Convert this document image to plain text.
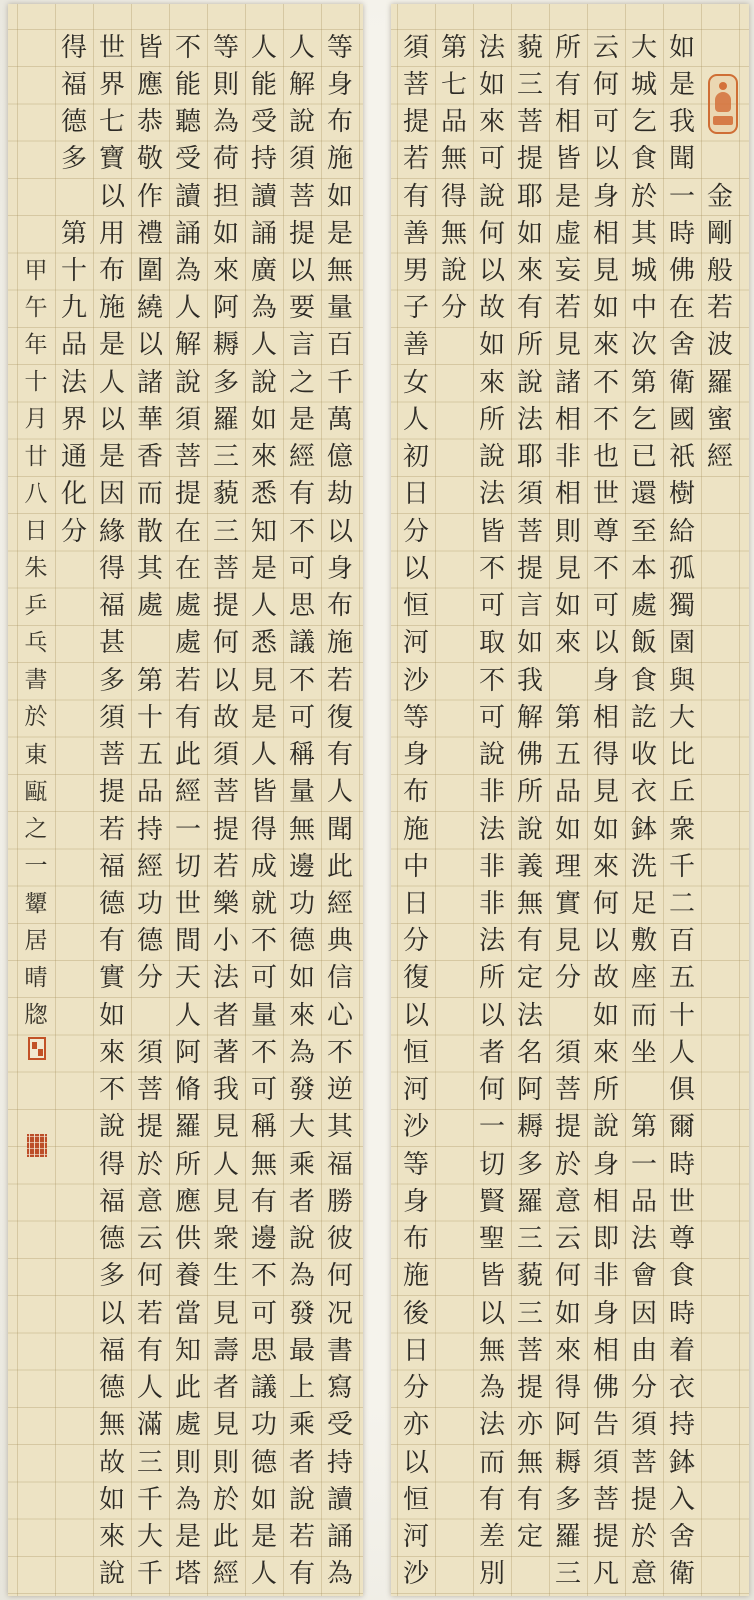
金
剛
般
若
波
羅
蜜
經
如
是
我
聞
一
時
佛
在
舍
衛
國
祇
樹
給
孤
獨
園
與
大
比
丘
衆
千
二
百
五
十
人
俱
爾
時
世
尊
食
時
着
衣
持
鉢
入
舍
衛
大
城
乞
食
於
其
城
中
次
第
乞
已
還
至
本
處
飯
食
訖
收
衣
鉢
洗
足
敷
座
而
坐
第
一
品
法
會
因
由
分
須
菩
提
於
意
云
何
可
以
身
相
見
如
來
不
不
也
世
尊
不
可
以
身
相
得
見
如
來
何
以
故
如
來
所
說
身
相
即
非
身
相
佛
告
須
菩
提
凡
所
有
相
皆
是
虚
妄
若
見
諸
相
非
相
則
見
如
來
第
五
品
如
理
實
見
分
須
菩
提
於
意
云
何
如
來
得
阿
耨
多
羅
三
藐
三
菩
提
耶
如
來
有
所
說
法
耶
須
菩
提
言
如
我
解
佛
所
說
義
無
有
定
法
名
阿
耨
多
羅
三
藐
三
菩
提
亦
無
有
定
法
如
來
可
說
何
以
故
如
來
所
說
法
皆
不
可
取
不
可
說
非
法
非
非
法
所
以
者
何
一
切
賢
聖
皆
以
無
為
法
而
有
差
別
第
七
品
無
得
無
說
分
須
菩
提
若
有
善
男
子
善
女
人
初
日
分
以
恒
河
沙
等
身
布
施
中
日
分
復
以
恒
河
沙
等
身
布
施
後
日
分
亦
以
恒
河
沙
等
身
布
施
如
是
無
量
百
千
萬
億
劫
以
身
布
施
若
復
有
人
聞
此
經
典
信
心
不
逆
其
福
勝
彼
何
况
書
寫
受
持
讀
誦
為
人
解
說
須
菩
提
以
要
言
之
是
經
有
不
可
思
議
不
可
稱
量
無
邊
功
德
如
來
為
發
大
乘
者
說
為
發
最
上
乘
者
說
若
有
人
能
受
持
讀
誦
廣
為
人
說
如
來
悉
知
是
人
悉
見
是
人
皆
得
成
就
不
可
量
不
可
稱
無
有
邊
不
可
思
議
功
德
如
是
人
等
則
為
荷
担
如
來
阿
耨
多
羅
三
藐
三
菩
提
何
以
故
須
菩
提
若
樂
小
法
者
著
我
見
人
見
衆
生
見
壽
者
見
則
於
此
經
不
能
聽
受
讀
誦
為
人
解
說
須
菩
提
在
在
處
處
若
有
此
經
一
切
世
間
天
人
阿
脩
羅
所
應
供
養
當
知
此
處
則
為
是
塔
皆
應
恭
敬
作
禮
圍
繞
以
諸
華
香
而
散
其
處
第
十
五
品
持
經
功
德
分
須
菩
提
於
意
云
何
若
有
人
滿
三
千
大
千
世
界
七
寶
以
用
布
施
是
人
以
是
因
緣
得
福
甚
多
須
菩
提
若
福
德
有
實
如
來
不
說
得
福
德
多
以
福
德
無
故
如
來
說
得
福
德
多
第
十
九
品
法
界
通
化
分
甲
午
年
十
月
廿
八
日
朱
乒
乓
書
於
東
甌
之
一
顰
居
晴
牎
